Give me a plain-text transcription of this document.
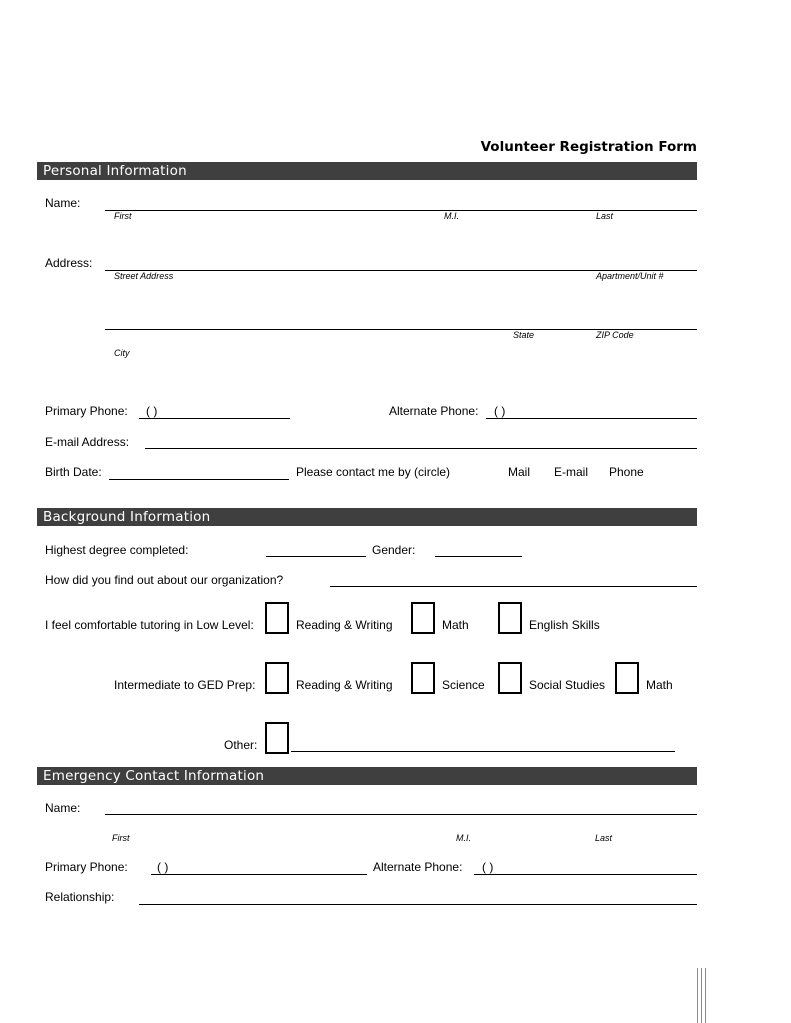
Volunteer Registration Form
Personal Information
Name:
First	M.I.	Last
Address:
Street Address	Apartment/Unit #
State	ZIP Code
City
Primary Phone: ( )	Alternate Phone: ( )
E-mail Address:
Birth Date:	Please contact me by (circle)	Mail E-mail Phone
Background Information
Highest degree completed:	Gender:
How did you find out about our organization?
I feel comfortable tutoring in Low Level:	Reading & Writing	Math	English Skills
Intermediate to GED Prep:	Reading & Writing	Science	Social Studies	Math
Other:
Emergency Contact Information
Name:
First	M.I.	Last
Primary Phone: ( )	Alternate Phone: ( )
Relationship:
